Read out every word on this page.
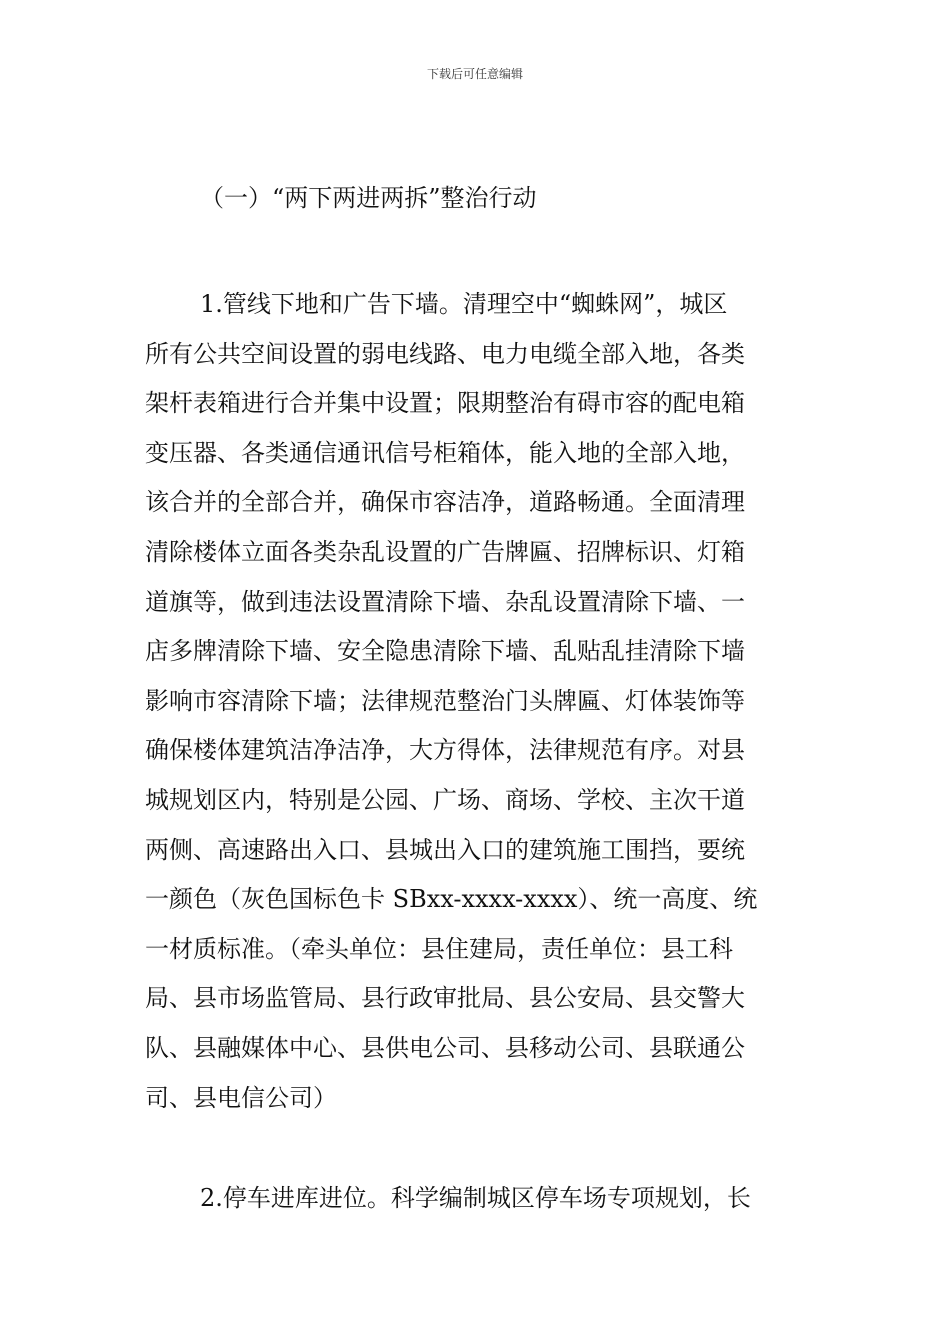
下载后可任意编辑
（一）“两下两进两拆”整治行动
1.管线下地和广告下墙。清理空中“蜘蛛网”，城区
所有公共空间设置的弱电线路、电力电缆全部入地，各类
架杆表箱进行合并集中设置；限期整治有碍市容的配电箱
变压器、各类通信通讯信号柜箱体，能入地的全部入地，
该合并的全部合并，确保市容洁净，道路畅通。全面清理
清除楼体立面各类杂乱设置的广告牌匾、招牌标识、灯箱
道旗等，做到违法设置清除下墙、杂乱设置清除下墙、一
店多牌清除下墙、安全隐患清除下墙、乱贴乱挂清除下墙
影响市容清除下墙；法律规范整治门头牌匾、灯体装饰等
确保楼体建筑洁净洁净，大方得体，法律规范有序。对县
城规划区内，特别是公园、广场、商场、学校、主次干道
两侧、高速路出入口、县城出入口的建筑施工围挡，要统
一颜色（灰色国标色卡 SBxx-xxxx-xxxx）、统一高度、统
一材质标准。（牵头单位：县住建局，责任单位：县工科
局、县市场监管局、县行政审批局、县公安局、县交警大
队、县融媒体中心、县供电公司、县移动公司、县联通公
司、县电信公司）
2.停车进库进位。科学编制城区停车场专项规划，长
